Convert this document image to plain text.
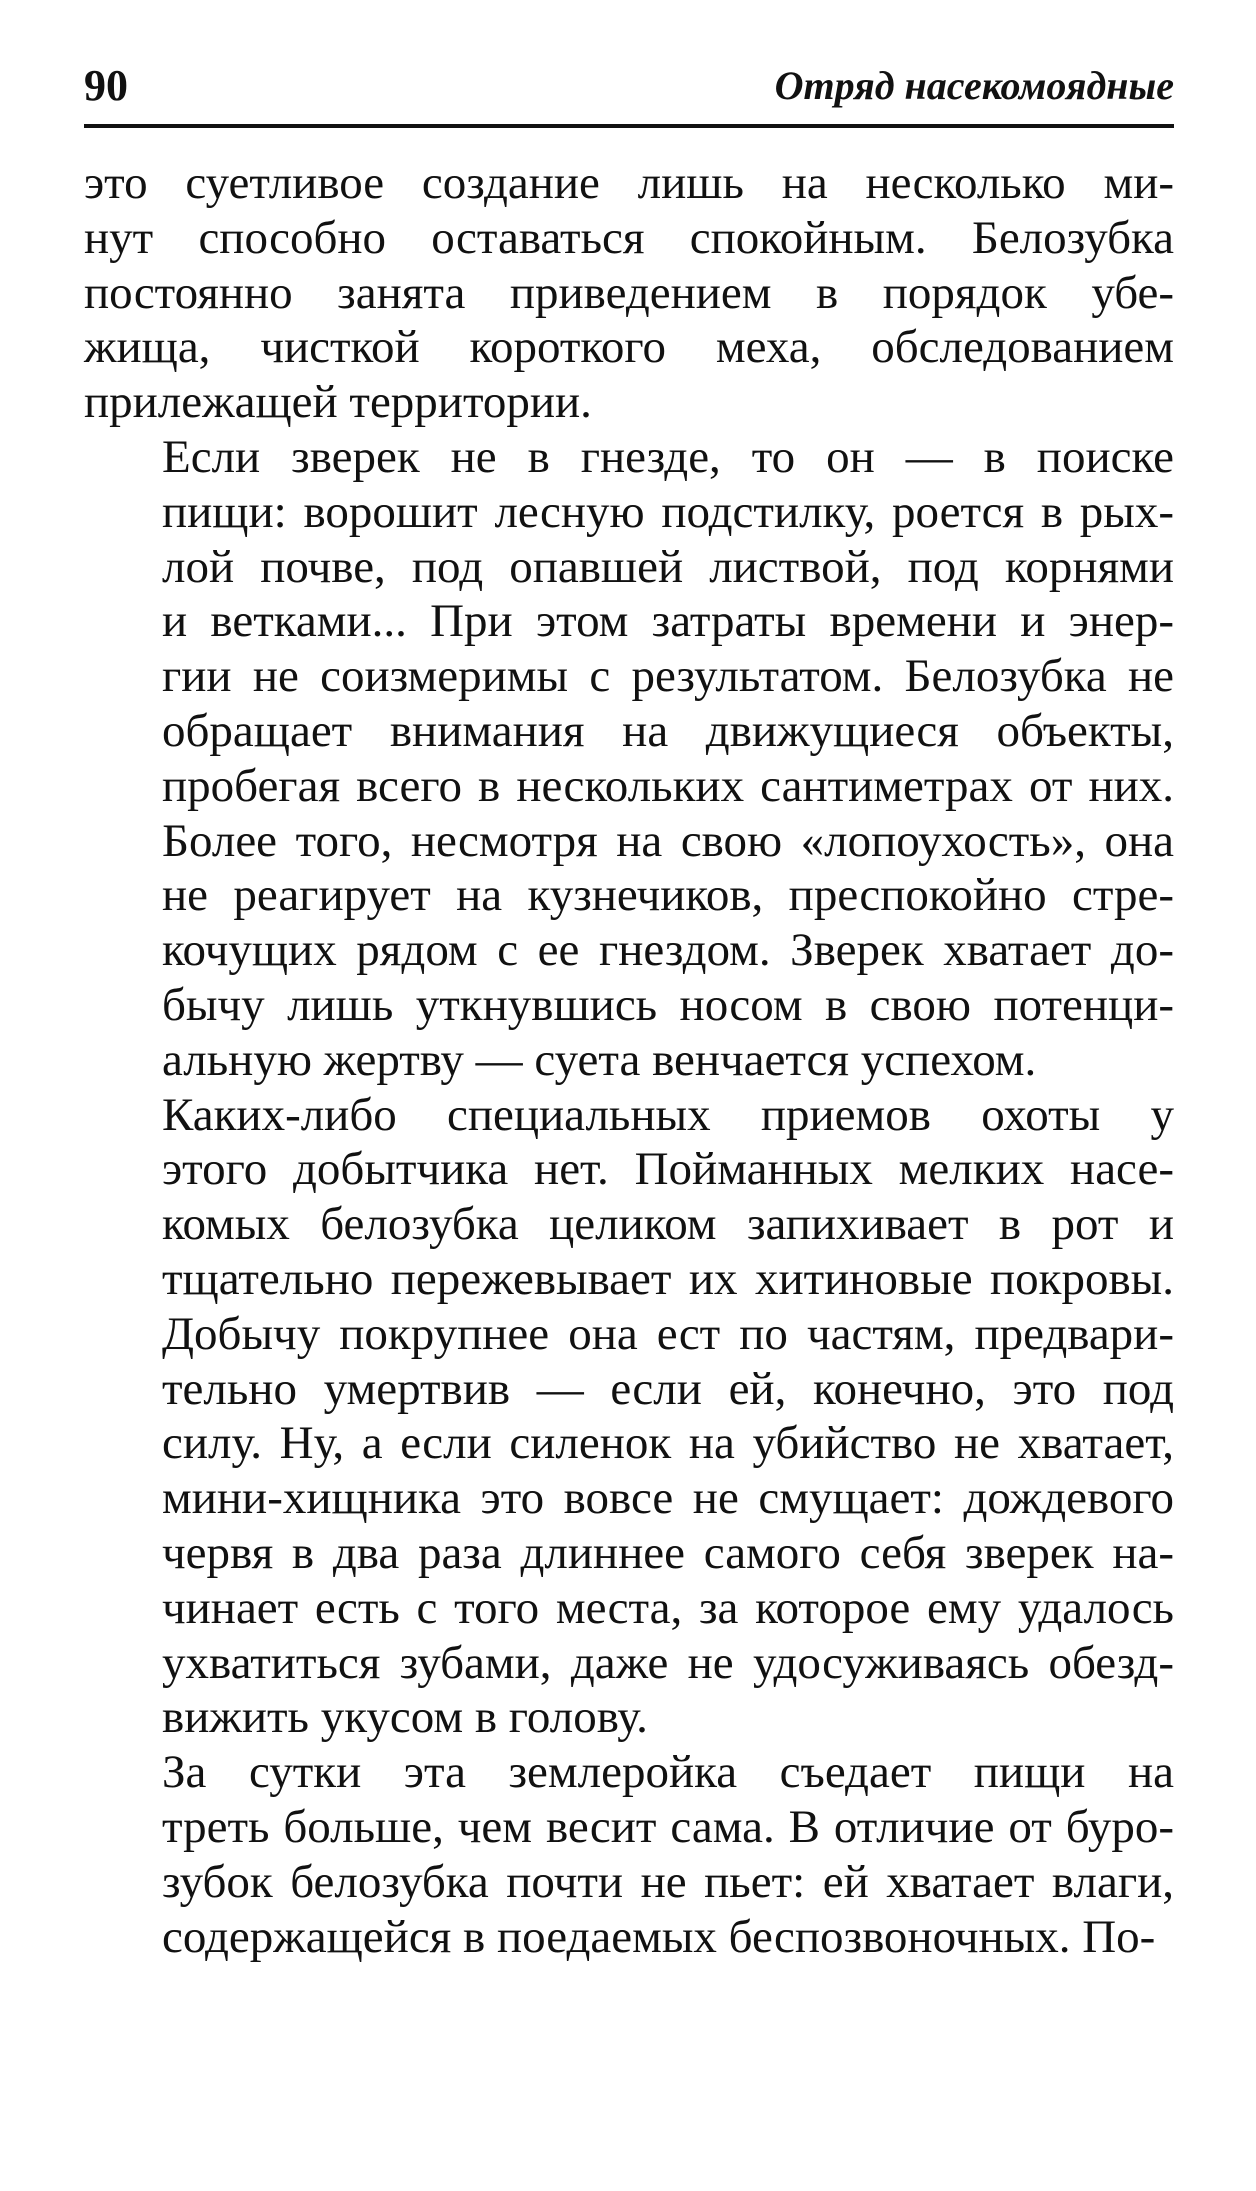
90	Отряд насекомоядные

это суетливое создание лишь на несколько ми-
нут способно оставаться спокойным. Белозубка
постоянно занята приведением в порядок убе-
жища, чисткой короткого меха, обследованием
прилежащей территории.

Если зверек не в гнезде, то он — в поиске
пищи: ворошит лесную подстилку, роется в рых-
лой почве, под опавшей листвой, под корнями
и ветками... При этом затраты времени и энер-
гии не соизмеримы с результатом. Белозубка не
обращает внимания на движущиеся объекты,
пробегая всего в нескольких сантиметрах от них.
Более того, несмотря на свою «лопоухость», она
не реагирует на кузнечиков, преспокойно стре-
кочущих рядом с ее гнездом. Зверек хватает до-
бычу лишь уткнувшись носом в свою потенци-
альную жертву — суета венчается успехом.

Каких-либо специальных приемов охоты у
этого добытчика нет. Пойманных мелких насе-
комых белозубка целиком запихивает в рот и
тщательно пережевывает их хитиновые покровы.
Добычу покрупнее она ест по частям, предвари-
тельно умертвив — если ей, конечно, это под
силу. Ну, а если силенок на убийство не хватает,
мини-хищника это вовсе не смущает: дождевого
червя в два раза длиннее самого себя зверек на-
чинает есть с того места, за которое ему удалось
ухватиться зубами, даже не удосуживаясь обезд-
вижить укусом в голову.

За сутки эта землеройка съедает пищи на
треть больше, чем весит сама. В отличие от буро-
зубок белозубка почти не пьет: ей хватает влаги,
содержащейся в поедаемых беспозвоночных. По-
